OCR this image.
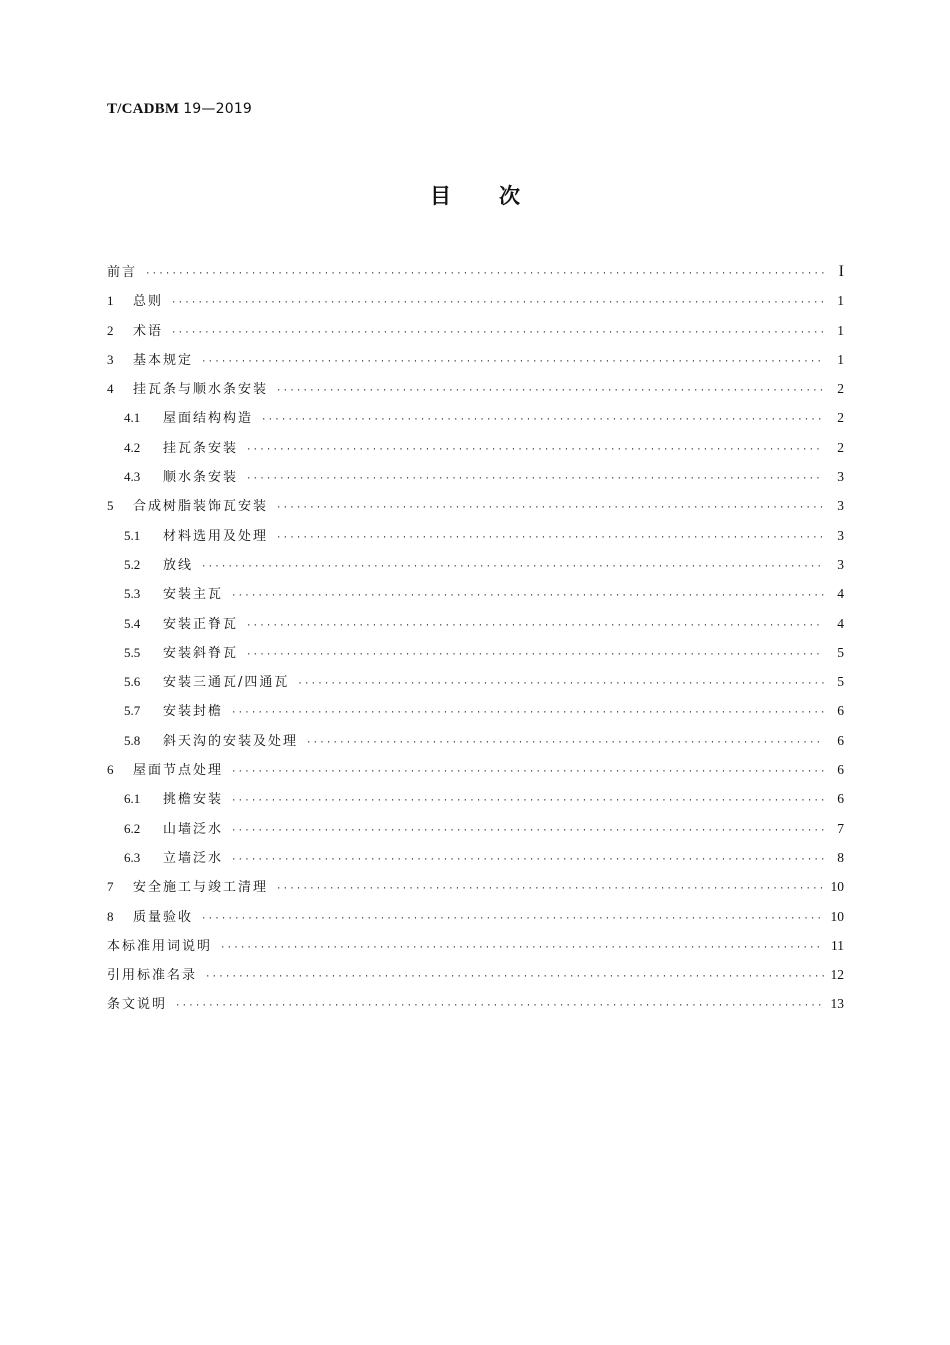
T/CADBM 19—2019
目 次
前言 ·····	I
1	总则 ·····	1
2	术语 ·····	1
3	基本规定 ·····	1
4	挂瓦条与顺水条安装 ·····	2
4.1	屋面结构构造 ·····	2
4.2	挂瓦条安装 ·····	2
4.3	顺水条安装 ·····	3
5	合成树脂装饰瓦安装 ·····	3
5.1	材料选用及处理 ·····	3
5.2	放线 ·····	3
5.3	安装主瓦 ·····	4
5.4	安装正脊瓦 ·····	4
5.5	安装斜脊瓦 ·····	5
5.6	安装三通瓦/四通瓦 ·····	5
5.7	安装封檐 ·····	6
5.8	斜天沟的安装及处理 ·····	6
6	屋面节点处理 ·····	6
6.1	挑檐安装 ·····	6
6.2	山墙泛水 ·····	7
6.3	立墙泛水 ·····	8
7	安全施工与竣工清理 ·····	10
8	质量验收 ·····	10
本标准用词说明 ·····	11
引用标准名录 ·····	12
条文说明 ·····	13
